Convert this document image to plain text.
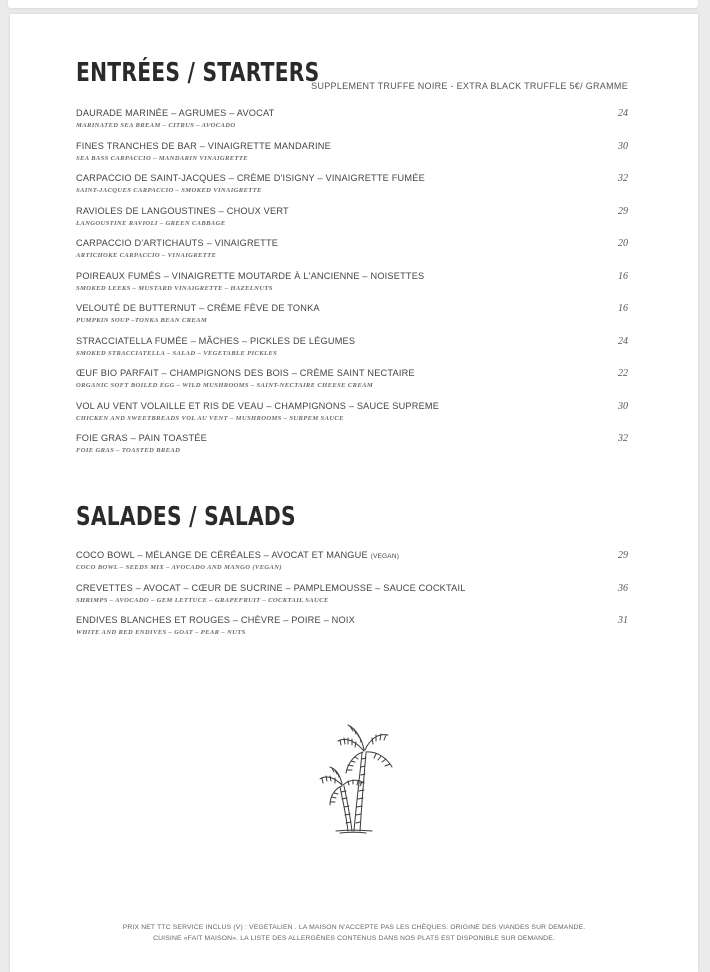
ENTRÉES / STARTERS
SUPPLEMENT TRUFFE NOIRE - EXTRA BLACK TRUFFLE 5€/ GRAMME
DAURADE MARINÉE – AGRUMES – AVOCAT
MARINATED SEA BREAM – CITRUS – AVOCADO
24
FINES TRANCHES DE BAR – VINAIGRETTE MANDARINE
SEA BASS CARPACCIO – MANDARIN VINAIGRETTE
30
CARPACCIO DE SAINT-JACQUES – CRÈME D'ISIGNY – VINAIGRETTE FUMÉE
SAINT-JACQUES CARPACCIO – SMOKED VINAIGRETTE
32
RAVIOLES DE LANGOUSTINES – CHOUX VERT
LANGOUSTINE RAVIOLI – GREEN CABBAGE
29
CARPACCIO D'ARTICHAUTS – VINAIGRETTE
ARTICHOKE CARPACCIO – VINAIGRETTE
20
POIREAUX FUMÉS – VINAIGRETTE MOUTARDE À L'ANCIENNE – NOISETTES
SMOKED LEEKS – MUSTARD VINAIGRETTE – HAZELNUTS
16
VELOUTÉ DE BUTTERNUT – CRÈME FÈVE DE TONKA
PUMPKIN SOUP –TONKA BEAN CREAM
16
STRACCIATELLA FUMÉE – MÂCHES – PICKLES DE LÉGUMES
SMOKED STRACCIATELLA – SALAD – VEGETABLE PICKLES
24
ŒUF BIO PARFAIT – CHAMPIGNONS DES BOIS – CRÈME SAINT NECTAIRE
ORGANIC SOFT BOILED EGG – WILD MUSHROOMS – SAINT-NECTAIRE CHEESE CREAM
22
VOL AU VENT VOLAILLE ET RIS DE VEAU – CHAMPIGNONS – SAUCE SUPREME
CHICKEN AND SWEETBREADS VOL AU VENT – MUSHROOMS – SURPEM SAUCE
30
FOIE GRAS – PAIN TOASTÉE
FOIE GRAS – TOASTED BREAD
32
SALADES / SALADS
COCO BOWL – MÉLANGE DE CÉRÉALES – AVOCAT ET MANGUE (VEGAN)
COCO BOWL – SEEDS MIX – AVOCADO AND MANGO (VEGAN)
29
CREVETTES – AVOCAT – CŒUR DE SUCRINE – PAMPLEMOUSSE – SAUCE COCKTAIL
SHRIMPS – AVOCADO – GEM LETTUCE – GRAPEFRUIT – COCKTAIL SAUCE
36
ENDIVES BLANCHES ET ROUGES – CHÈVRE – POIRE – NOIX
WHITE AND RED ENDIVES – GOAT – PEAR – NUTS
31
PRIX NET TTC SERVICE INCLUS (V) : VEGETALIEN . LA MAISON N'ACCEPTE PAS LES CHÈQUES. ORIGINE DES VIANDES SUR DEMANDE.
CUISINE «FAIT MAISON». LA LISTE DES ALLERGÈNES CONTENUS DANS NOS PLATS EST DISPONIBLE SUR DEMANDE.
